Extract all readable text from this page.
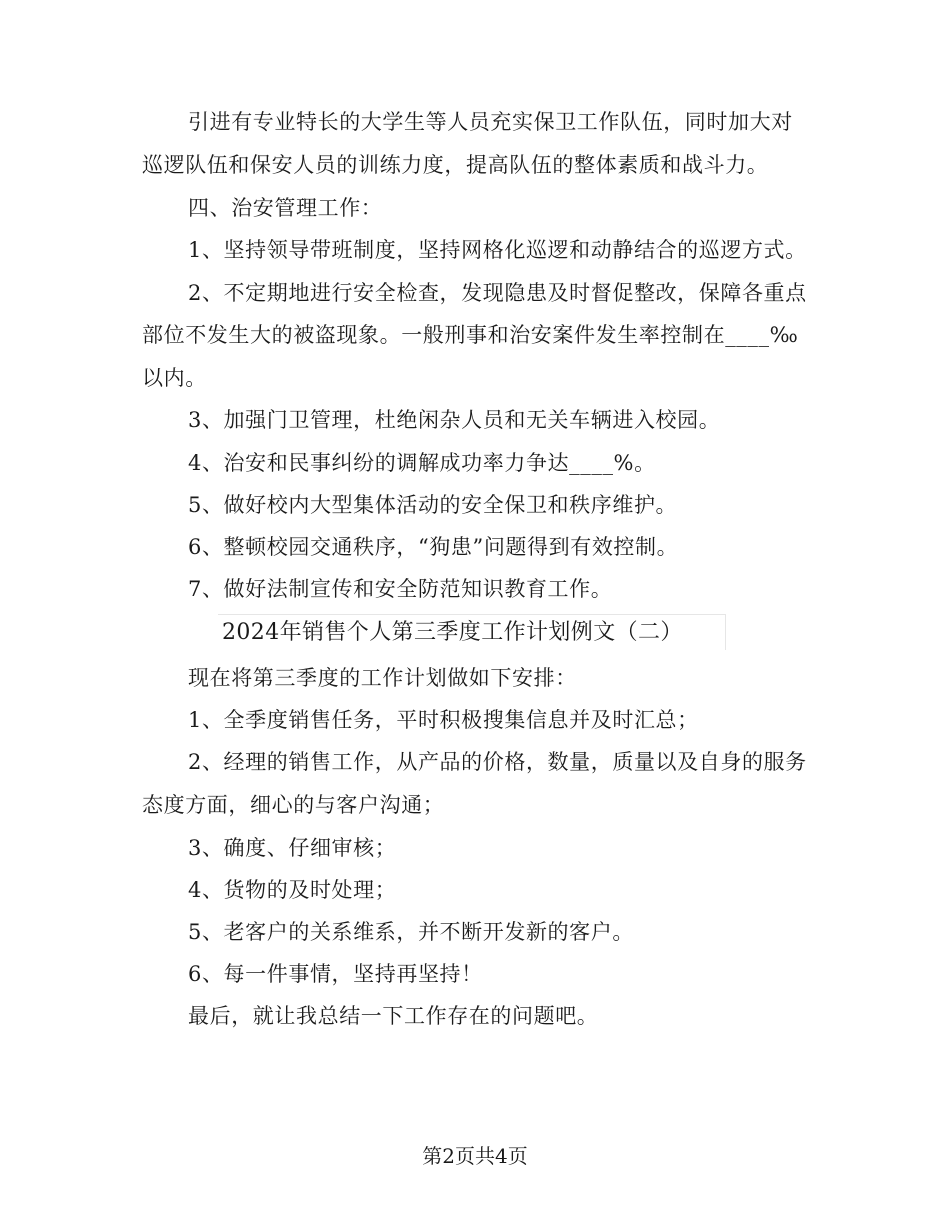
引进有专业特长的大学生等人员充实保卫工作队伍，同时加大对
巡逻队伍和保安人员的训练力度，提高队伍的整体素质和战斗力。
四、治安管理工作：
1、坚持领导带班制度，坚持网格化巡逻和动静结合的巡逻方式。
2、不定期地进行安全检查，发现隐患及时督促整改，保障各重点
部位不发生大的被盗现象。一般刑事和治安案件发生率控制在____‰
以内。
3、加强门卫管理，杜绝闲杂人员和无关车辆进入校园。
4、治安和民事纠纷的调解成功率力争达____%。
5、做好校内大型集体活动的安全保卫和秩序维护。
6、整顿校园交通秩序，“狗患”问题得到有效控制。
7、做好法制宣传和安全防范知识教育工作。
2024年销售个人第三季度工作计划例文（二）
现在将第三季度的工作计划做如下安排：
1、全季度销售任务，平时积极搜集信息并及时汇总；
2、经理的销售工作，从产品的价格，数量，质量以及自身的服务
态度方面，细心的与客户沟通；
3、确度、仔细审核；
4、货物的及时处理；
5、老客户的关系维系，并不断开发新的客户。
6、每一件事情，坚持再坚持！
最后，就让我总结一下工作存在的问题吧。
第2页共4页
